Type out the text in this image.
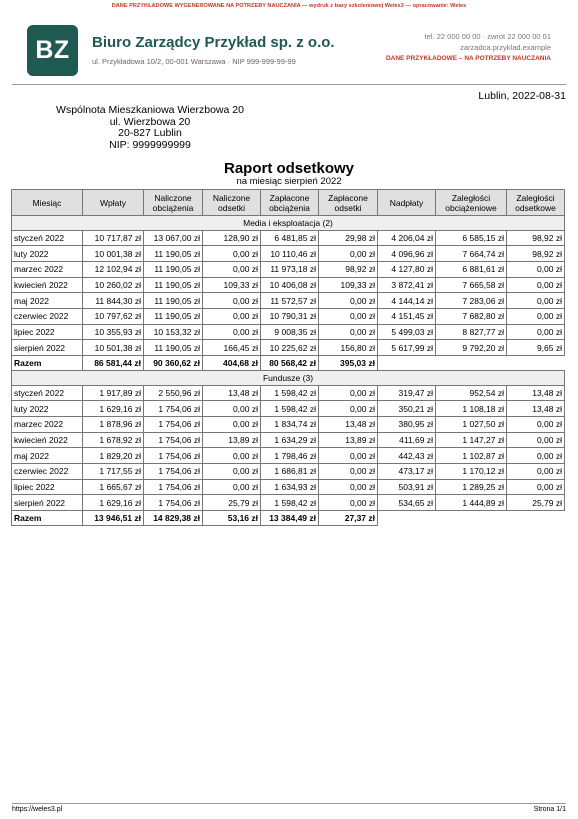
DANE PRZYKŁADOWE WYGENEROWANE NA POTRZEBY NAUCZANIA — wydruk z bazy szkoleniowej Weles3 — opracowanie: Weles
BZ	Biuro Zarządcy Przykład sp. z o.o.
ul. Przykładowa 10/2, 00-001 Warszawa · NIP 999-999-99-99
tel. 22 000 00 00 · zwrot 22 000 00 01
zarzadca.przyklad.example
DANE PRZYKŁADOWE – NA POTRZEBY NAUCZANIA
Lublin, 2022-08-31
Wspólnota Mieszkaniowa Wierzbowa 20
ul. Wierzbowa 20
20-827 Lublin
NIP: 9999999999
Raport odsetkowy
na miesiąc sierpień 2022
Miesiąc	Wpłaty	Naliczone obciążenia	Naliczone odsetki	Zapłacone obciążenia	Zapłacone odsetki	Nadpłaty	Zaległości obciążeniowe	Zaległości odsetkowe
Media i eksploatacja (2)								
styczeń 2022	10 717,87 zł	13 067,00 zł	128,90 zł	6 481,85 zł	29,98 zł	4 206,04 zł	6 585,15 zł	98,92 zł
luty 2022	10 001,38 zł	11 190,05 zł	0,00 zł	10 110,46 zł	0,00 zł	4 096,96 zł	7 664,74 zł	98,92 zł
marzec 2022	12 102,94 zł	11 190,05 zł	0,00 zł	11 973,18 zł	98,92 zł	4 127,80 zł	6 881,61 zł	0,00 zł
kwiecień 2022	10 260,02 zł	11 190,05 zł	109,33 zł	10 406,08 zł	109,33 zł	3 872,41 zł	7 665,58 zł	0,00 zł
maj 2022	11 844,30 zł	11 190,05 zł	0,00 zł	11 572,57 zł	0,00 zł	4 144,14 zł	7 283,06 zł	0,00 zł
czerwiec 2022	10 797,62 zł	11 190,05 zł	0,00 zł	10 790,31 zł	0,00 zł	4 151,45 zł	7 682,80 zł	0,00 zł
lipiec 2022	10 355,93 zł	10 153,32 zł	0,00 zł	9 008,35 zł	0,00 zł	5 499,03 zł	8 827,77 zł	0,00 zł
sierpień 2022	10 501,38 zł	11 190,05 zł	166,45 zł	10 225,62 zł	156,80 zł	5 617,99 zł	9 792,20 zł	9,65 zł
Razem	86 581,44 zł	90 360,62 zł	404,68 zł	80 568,42 zł	395,03 zł			
Fundusze (3)								
styczeń 2022	1 917,89 zł	2 550,96 zł	13,48 zł	1 598,42 zł	0,00 zł	319,47 zł	952,54 zł	13,48 zł
luty 2022	1 629,16 zł	1 754,06 zł	0,00 zł	1 598,42 zł	0,00 zł	350,21 zł	1 108,18 zł	13,48 zł
marzec 2022	1 878,96 zł	1 754,06 zł	0,00 zł	1 834,74 zł	13,48 zł	380,95 zł	1 027,50 zł	0,00 zł
kwiecień 2022	1 678,92 zł	1 754,06 zł	13,89 zł	1 634,29 zł	13,89 zł	411,69 zł	1 147,27 zł	0,00 zł
maj 2022	1 829,20 zł	1 754,06 zł	0,00 zł	1 798,46 zł	0,00 zł	442,43 zł	1 102,87 zł	0,00 zł
czerwiec 2022	1 717,55 zł	1 754,06 zł	0,00 zł	1 686,81 zł	0,00 zł	473,17 zł	1 170,12 zł	0,00 zł
lipiec 2022	1 665,67 zł	1 754,06 zł	0,00 zł	1 634,93 zł	0,00 zł	503,91 zł	1 289,25 zł	0,00 zł
sierpień 2022	1 629,16 zł	1 754,06 zł	25,79 zł	1 598,42 zł	0,00 zł	534,65 zł	1 444,89 zł	25,79 zł
Razem	13 946,51 zł	14 829,38 zł	53,16 zł	13 384,49 zł	27,37 zł			
https://weles3.pl	Strona 1/1
